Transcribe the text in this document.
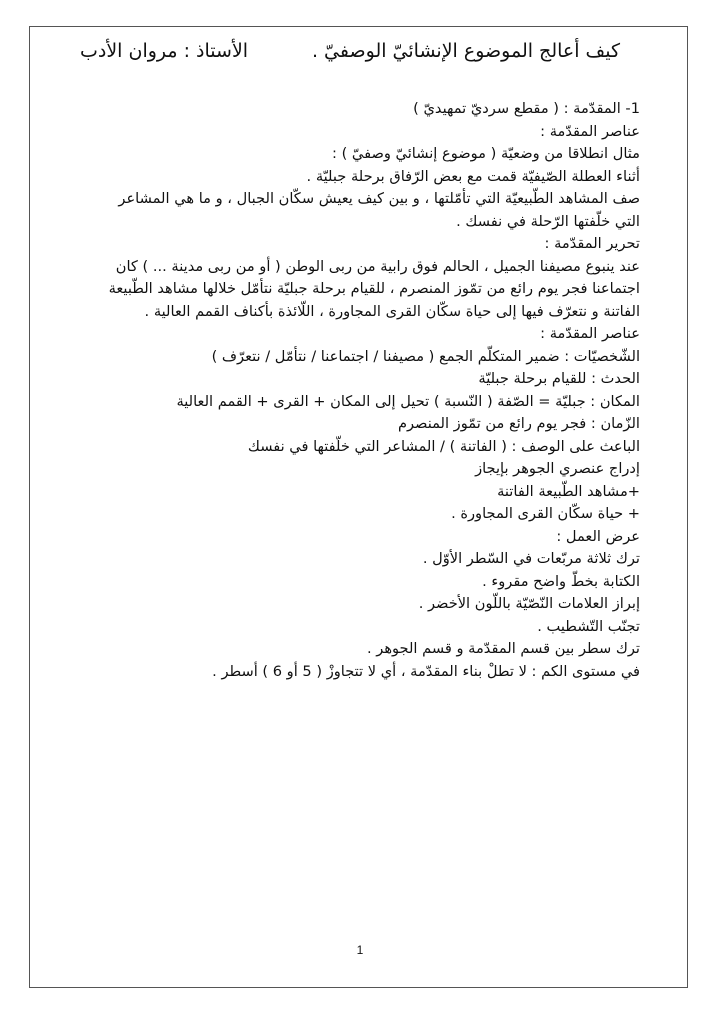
كيف أعالج الموضوع الإنشائيّ الوصفيّ .
الأستاذ : مروان الأدب
1- المقدّمة : ( مقطع سرديّ تمهيديّ )
عناصر المقدّمة :
مثال انطلاقا من وضعيّة ( موضوع إنشائيّ وصفيّ ) :
أثناء العطلة الصّيفيّة قمت مع بعض الرّفاق برحلة جبليّة .
صف المشاهد الطّبيعيّة التي تأمّلتها ، و بين كيف يعيش سكّان الجبال ، و ما هي المشاعر التي خلّفتها الرّحلة في نفسك .
تحرير المقدّمة :
عند ينبوع مصيفنا الجميل ، الحالم فوق رابية من ربى الوطن ( أو من ربى مدينة ... ) كان اجتماعنا فجر يوم رائع من تمّوز المنصرم ، للقيام برحلة جبليّة نتأمّل خلالها مشاهد الطّبيعة الفاتنة و نتعرّف فيها إلى حياة سكّان القرى المجاورة ، اللّائذة بأكناف القمم العالية .
عناصر المقدّمة :
الشّخصيّات : ضمير المتكلّم الجمع ( مصيفنا / اجتماعنا / نتأمّل / نتعرّف )
الحدث : للقيام برحلة جبليّة
المكان : جبليّة = الصّفة ( النّسبة ) تحيل إلى المكان + القرى + القمم العالية
الزّمان : فجر يوم رائع من تمّوز المنصرم
الباعث على الوصف : ( الفاتنة ) / المشاعر التي خلّفتها في نفسك
إدراج عنصري الجوهر بإيجاز
+مشاهد الطّبيعة الفاتنة
+ حياة سكّان القرى المجاورة .
عرض العمل :
ترك ثلاثة مربّعات في السّطر الأوّل .
الكتابة بخطّ واضح مقروء .
إبراز العلامات النّصّيّة باللّون الأخضر .
تجنّب التّشطيب .
ترك سطر بين قسم المقدّمة و قسم الجوهر .
في مستوى الكم : لا تطلْ بناء المقدّمة ، أي لا تتجاوزْ ( 5 أو 6 ) أسطر .
1
